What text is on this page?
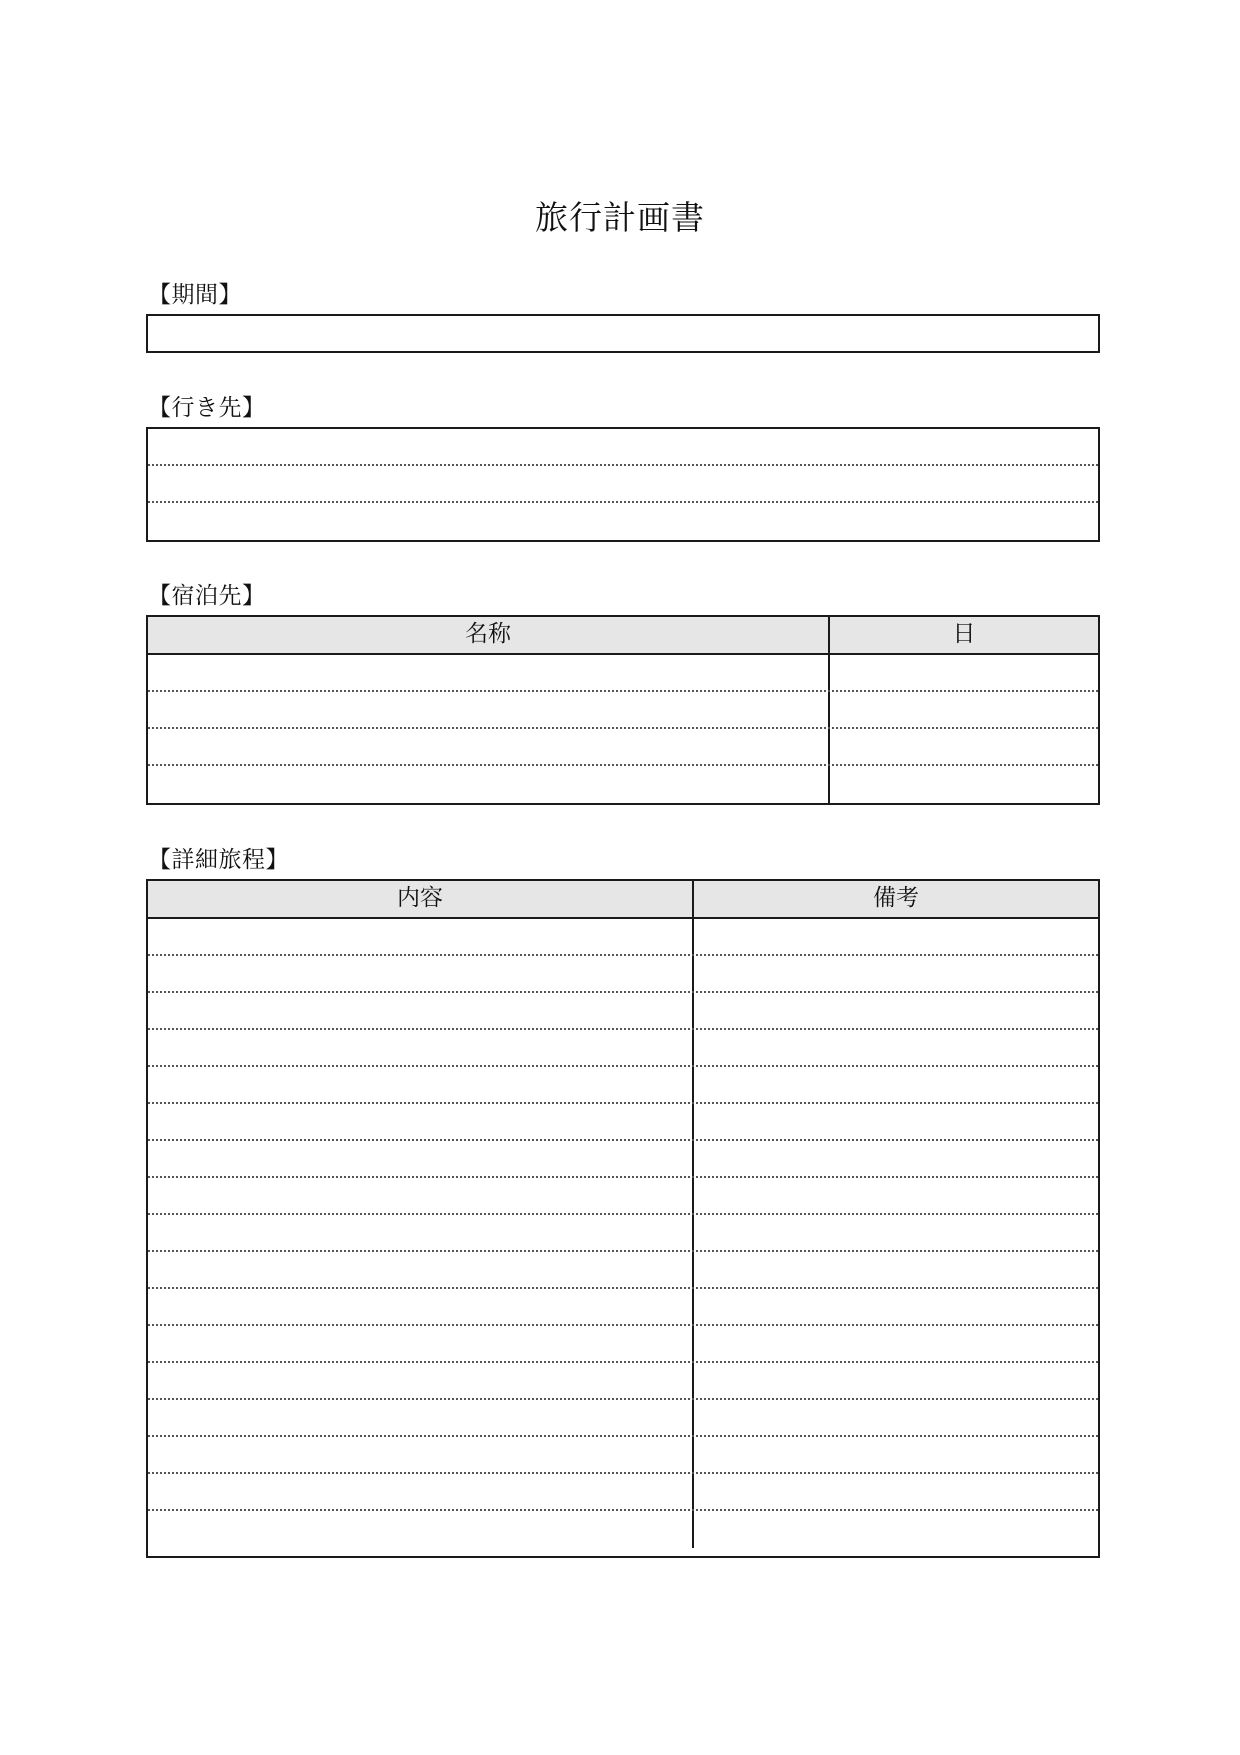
旅行計画書
【期間】
【行き先】
【宿泊先】
名称	日
【詳細旅程】
内容	備考
